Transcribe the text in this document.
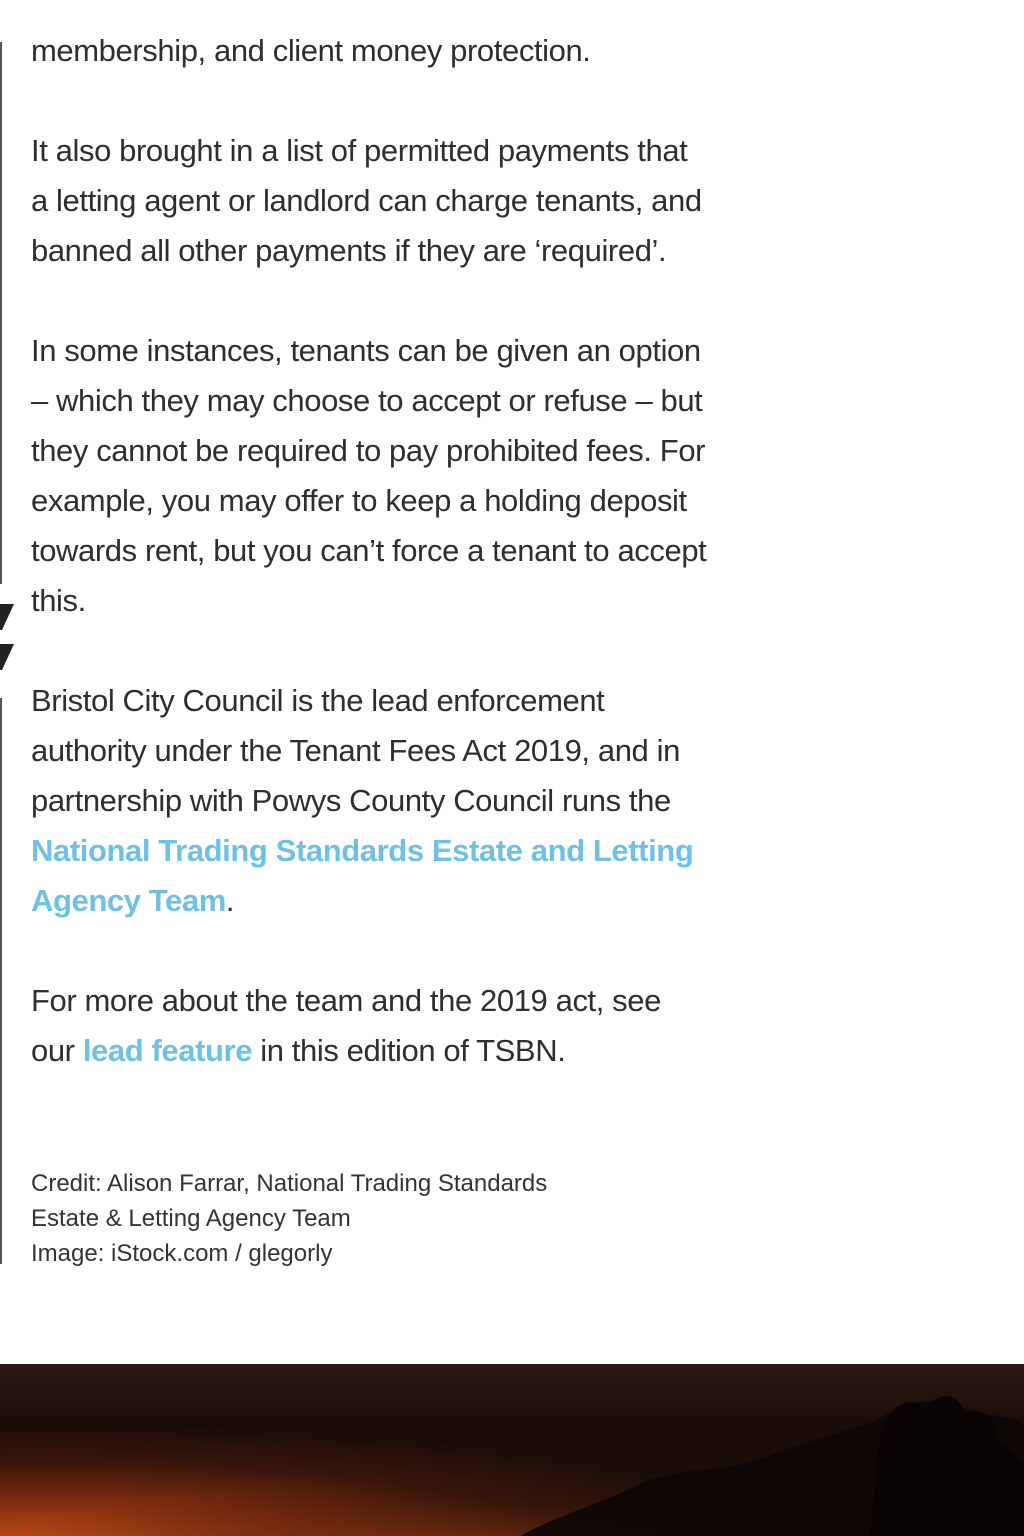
membership, and client money protection.

It also brought in a list of permitted payments that a letting agent or landlord can charge tenants, and banned all other payments if they are ‘required’.

In some instances, tenants can be given an option – which they may choose to accept or refuse – but they cannot be required to pay prohibited fees. For example, you may offer to keep a holding deposit towards rent, but you can’t force a tenant to accept this.

Bristol City Council is the lead enforcement authority under the Tenant Fees Act 2019, and in partnership with Powys County Council runs the National Trading Standards Estate and Letting Agency Team.

For more about the team and the 2019 act, see our lead feature in this edition of TSBN.

Credit: Alison Farrar, National Trading Standards
Estate & Letting Agency Team
Image: iStock.com / glegorly
